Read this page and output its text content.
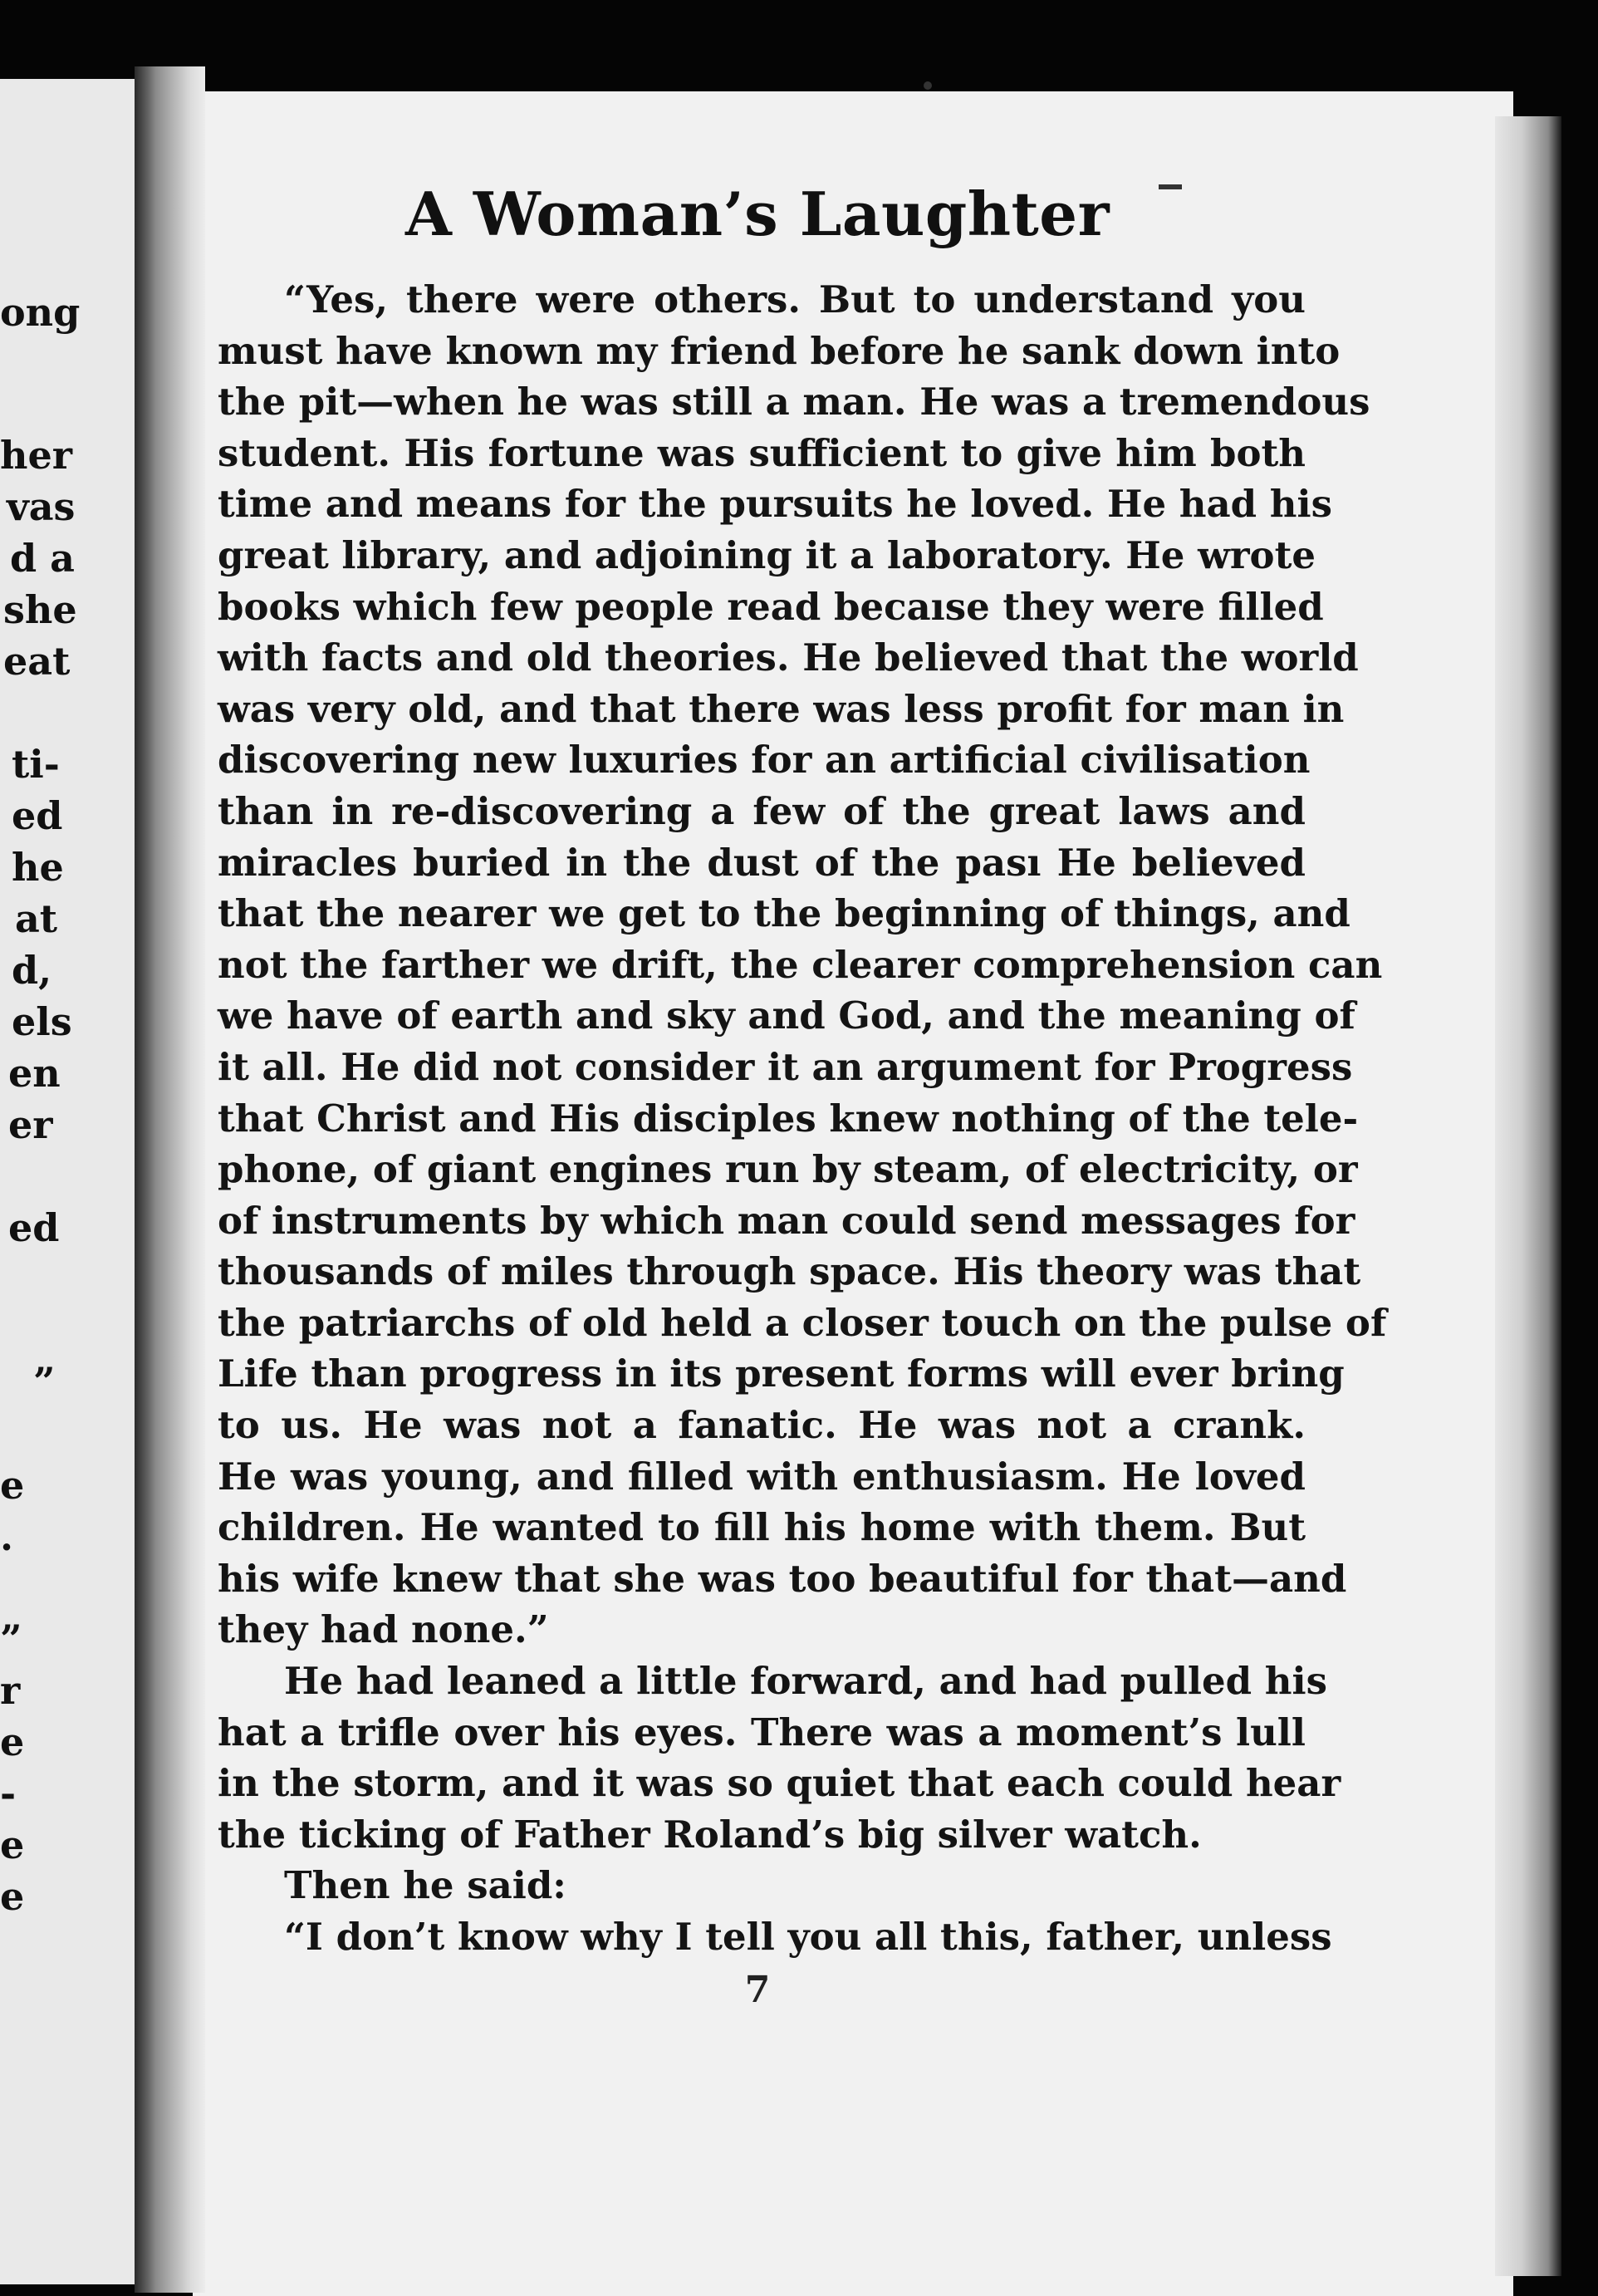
ong
her
vas
d a
she
eat
ti-
ed
he
at
d,
els
en
er
ed
”
e
.
”
r
e
-
e
e
A Woman’s Laughter
“Yes, there were others. But to understand you
must have known my friend before he sank down into
the pit—when he was still a man. He was a tremendous
student. His fortune was sufficient to give him both
time and means for the pursuits he loved. He had his
great library, and adjoining it a laboratory. He wrote
books which few people read becaıse they were filled
with facts and old theories. He believed that the world
was very old, and that there was less profit for man in
discovering new luxuries for an artificial civilisation
than in re-discovering a few of the great laws and
miracles buried in the dust of the pası He believed
that the nearer we get to the beginning of things, and
not the farther we drift, the clearer comprehension can
we have of earth and sky and God, and the meaning of
it all. He did not consider it an argument for Progress
that Christ and His disciples knew nothing of the tele-
phone, of giant engines run by steam, of electricity, or
of instruments by which man could send messages for
thousands of miles through space. His theory was that
the patriarchs of old held a closer touch on the pulse of
Life than progress in its present forms will ever bring
to us. He was not a fanatic. He was not a crank.
He was young, and filled with enthusiasm. He loved
children. He wanted to fill his home with them. But
his wife knew that she was too beautiful for that—and
they had none.”
He had leaned a little forward, and had pulled his
hat a trifle over his eyes. There was a moment’s lull
in the storm, and it was so quiet that each could hear
the ticking of Father Roland’s big silver watch.
Then he said:
“I don’t know why I tell you all this, father, unless
7
